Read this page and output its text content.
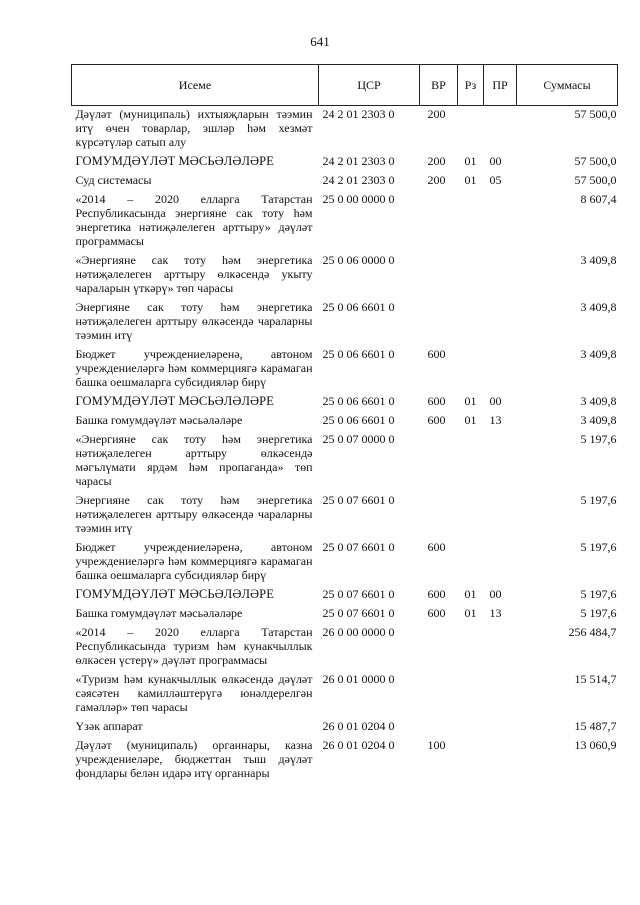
641
Исеме	ЦСР	ВР	Рз	ПР	Суммасы
Дәүләт (муниципаль) ихтыяҗларын тәэмин итү өчен товарлар, эшләр һәм хезмәт күрсәтүләр сатып алу	24 2 01 2303 0	200			57 500,0
ГОМУМДӘҮЛӘТ МӘСЬӘЛӘЛӘРЕ	24 2 01 2303 0	200	01	00	57 500,0
Суд системасы	24 2 01 2303 0	200	01	05	57 500,0
«2014 – 2020 елларга Татарстан Республикасында энергияне сак тоту һәм энергетика нәтиҗәлелеген арттыру» дәүләт программасы	25 0 00 0000 0				8 607,4
«Энергияне сак тоту һәм энергетика нәтиҗәлелеген арттыру өлкәсендә укыту чараларын үткәрү» төп чарасы	25 0 06 0000 0				3 409,8
Энергияне сак тоту һәм энергетика нәтиҗәлелеген арттыру өлкәсендә чараларны тәэмин итү	25 0 06 6601 0				3 409,8
Бюджет учреждениеләренә, автоном учреждениеләргә һәм коммерциягә карамаган башка оешмаларга субсидияләр бирү	25 0 06 6601 0	600			3 409,8
ГОМУМДӘҮЛӘТ МӘСЬӘЛӘЛӘРЕ	25 0 06 6601 0	600	01	00	3 409,8
Башка гомумдәүләт мәсьәләләре	25 0 06 6601 0	600	01	13	3 409,8
«Энергияне сак тоту һәм энергетика нәтиҗәлелеген арттыру өлкәсендә мәгълүмати ярдәм һәм пропаганда» төп чарасы	25 0 07 0000 0				5 197,6
Энергияне сак тоту һәм энергетика нәтиҗәлелеген арттыру өлкәсендә чараларны тәэмин итү	25 0 07 6601 0				5 197,6
Бюджет учреждениеләренә, автоном учреждениеләргә һәм коммерциягә карамаган башка оешмаларга субсидияләр бирү	25 0 07 6601 0	600			5 197,6
ГОМУМДӘҮЛӘТ МӘСЬӘЛӘЛӘРЕ	25 0 07 6601 0	600	01	00	5 197,6
Башка гомумдәүләт мәсьәләләре	25 0 07 6601 0	600	01	13	5 197,6
«2014 – 2020 елларга Татарстан Республикасында туризм һәм кунакчыллык өлкәсен үстерү» дәүләт программасы	26 0 00 0000 0				256 484,7
«Туризм һәм кунакчыллык өлкәсендә дәүләт сәясәтен камилләштерүгә юнәлдерелгән гамәлләр» төп чарасы	26 0 01 0000 0				15 514,7
Үзәк аппарат	26 0 01 0204 0				15 487,7
Дәүләт (муниципаль) органнары, казна учреждениеләре, бюджеттан тыш дәүләт фондлары белән идарә итү органнары	26 0 01 0204 0	100			13 060,9
